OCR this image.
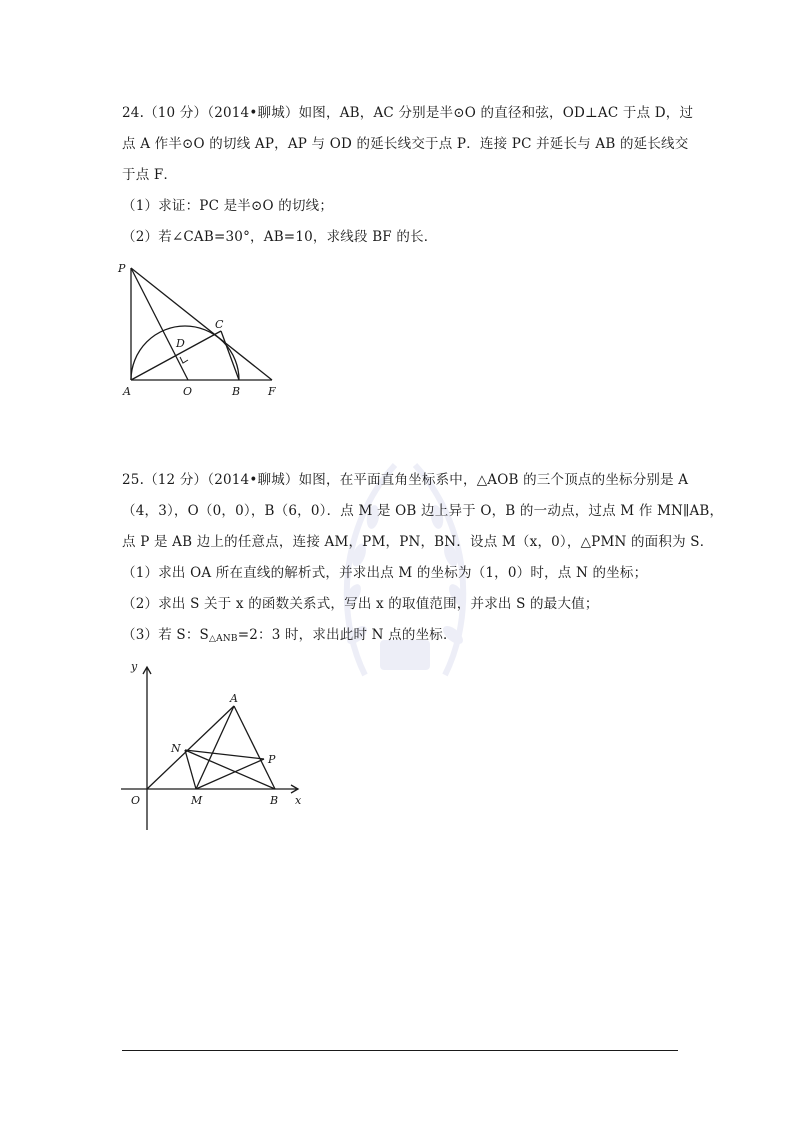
24.（10 分）（2014•聊城）如图，AB，AC 分别是半⊙O 的直径和弦，OD⊥AC 于点 D，过
点 A 作半⊙O 的切线 AP，AP 与 OD 的延长线交于点 P．连接 PC 并延长与 AB 的延长线交
于点 F．
（1）求证：PC 是半⊙O 的切线；
（2）若∠CAB=30°，AB=10，求线段 BF 的长．
P
C
D
A	O	B	F
25.（12 分）（2014•聊城）如图，在平面直角坐标系中，△AOB 的三个顶点的坐标分别是 A
（4，3），O（0，0），B（6，0）．点 M 是 OB 边上异于 O，B 的一动点，过点 M 作 MN∥AB，
点 P 是 AB 边上的任意点，连接 AM，PM，PN，BN．设点 M（x，0），△PMN 的面积为 S．
（1）求出 OA 所在直线的解析式，并求出点 M 的坐标为（1，0）时，点 N 的坐标；
（2）求出 S 关于 x 的函数关系式，写出 x 的取值范围，并求出 S 的最大值；
（3）若 S：$S_{\triangle ANB}=2$：3 时，求出此时 N 点的坐标．
y
A
N
P
O	M	B x
